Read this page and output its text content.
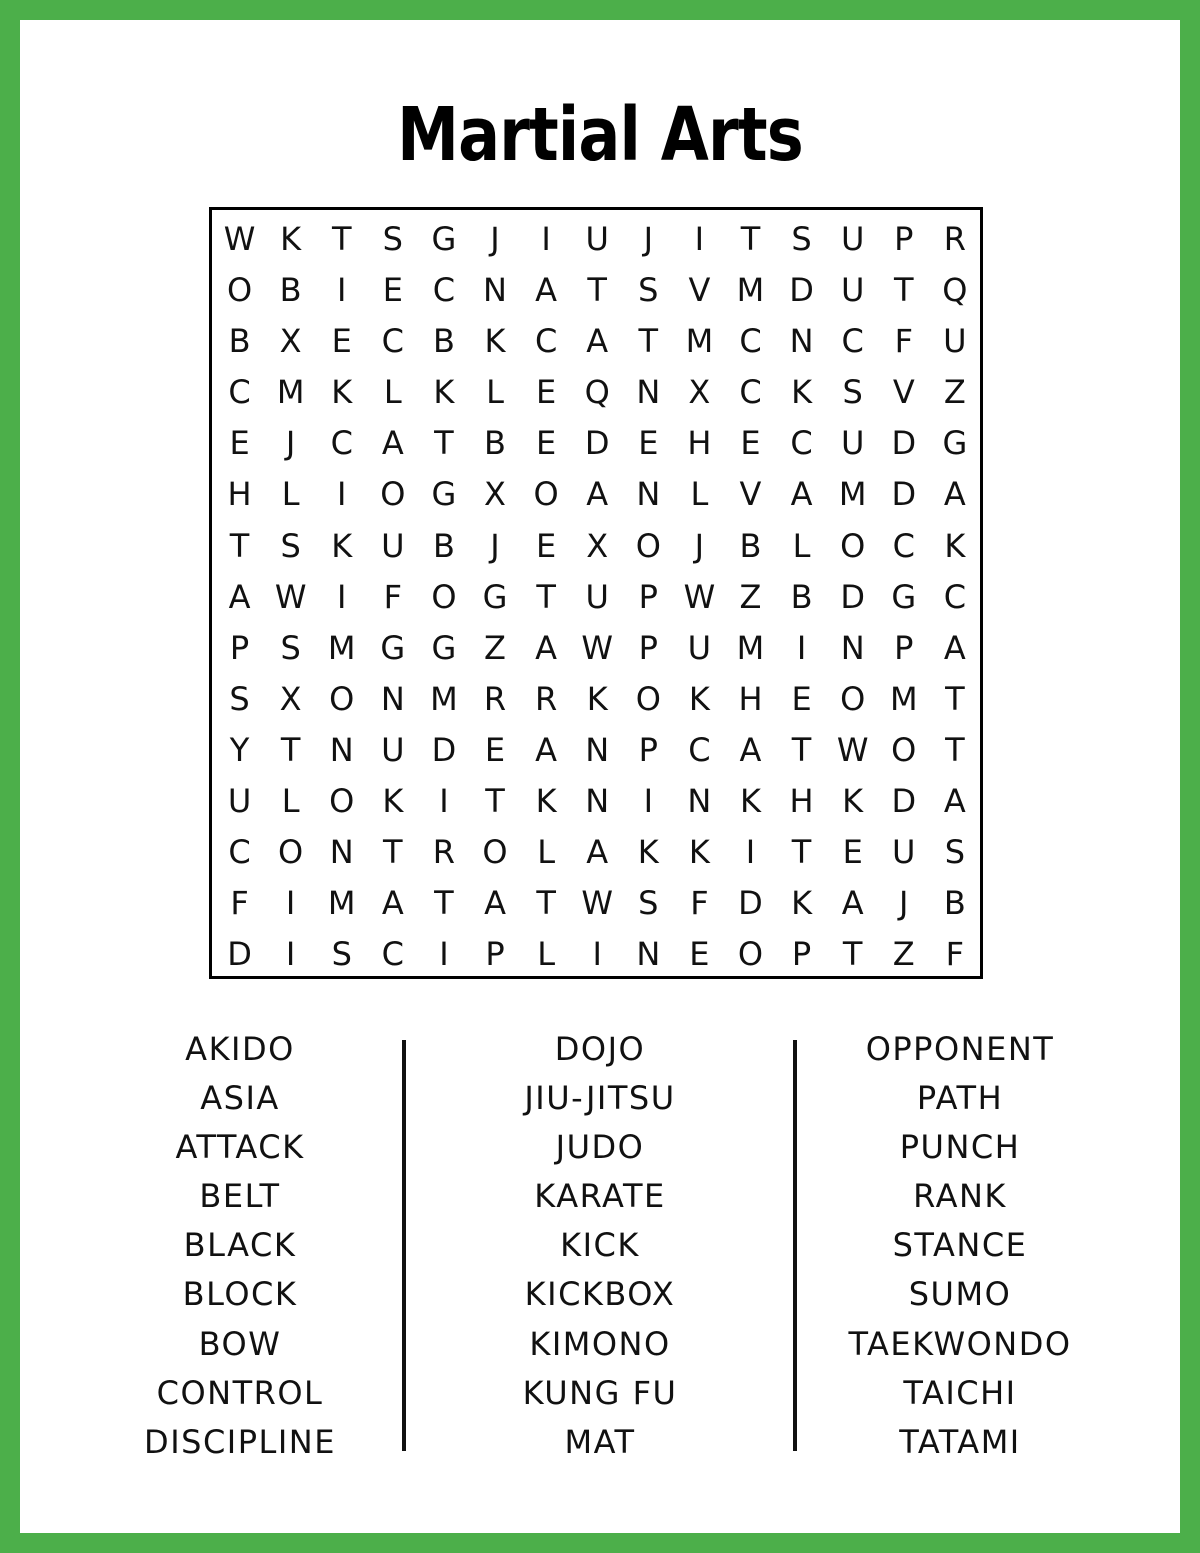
Martial Arts
W K T S G	J	I	U	J	I	T S U P R
O B	I	E C N A T S V M D U T Q
B X E C B K C A T M C N C F U
C M K L K L	E Q N X C K S V Z
E	J	C A T B E D E H E C U D G
H L	I	O G X O A N L V A M D A
T S K U B	J	E X O	J	B L O C K
A W I	F O G T U P W Z B D G C
P S M G G Z A W P U M	I	N P A
S X O N M R R K O K H E O M T
Y T N U D E A N P C A T W O T
U L O K	I	T K N	I	N K H K D A
C O N T R O L A K K	I	T E U S
F	I	M A T A T W S F D K A	J	B
D	I	S C	I	P	L	I	N E O P T Z F
AKIDO
ASIA
ATTACK
BELT
BLACK
BLOCK
BOW
CONTROL
DISCIPLINE
DOJO
JIU-JITSU
JUDO
KARATE
KICK
KICKBOX
KIMONO
KUNG FU
MAT
OPPONENT
PATH
PUNCH
RANK
STANCE
SUMO
TAEKWONDO
TAICHI
TATAMI
